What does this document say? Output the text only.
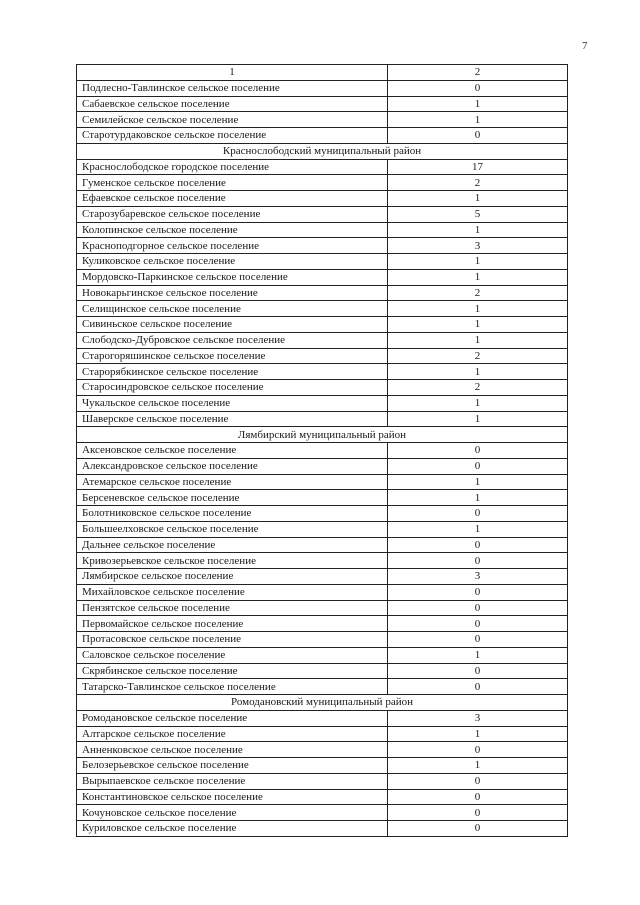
7
1	2
Подлесно-Тавлинское сельское поселение	0
Сабаевское сельское поселение	1
Семилейское сельское поселение	1
Старотурдаковское сельское поселение	0
Краснослободский муниципальный район	
Краснослободское городское поселение	17
Гуменское сельское поселение	2
Ефаевское сельское поселение	1
Старозубаревское сельское поселение	5
Колопинское сельское поселение	1
Красноподгорное сельское поселение	3
Куликовское сельское поселение	1
Мордовско-Паркинское сельское поселение	1
Новокарьгинское сельское поселение	2
Селищинское сельское поселение	1
Сивиньское сельское поселение	1
Слободско-Дубровское сельское поселение	1
Старогоряшинское сельское поселение	2
Старорябкинское сельское поселение	1
Старосиндровское сельское поселение	2
Чукальское сельское поселение	1
Шаверское сельское поселение	1
Лямбирский муниципальный район	
Аксеновское сельское поселение	0
Александровское сельское поселение	0
Атемарское сельское поселение	1
Берсеневское сельское поселение	1
Болотниковское сельское поселение	0
Большеелховское сельское поселение	1
Дальнее сельское поселение	0
Кривозерьевское сельское поселение	0
Лямбирское сельское поселение	3
Михайловское сельское поселение	0
Пензятское сельское поселение	0
Первомайское сельское поселение	0
Протасовское сельское поселение	0
Саловское сельское поселение	1
Скрябинское сельское поселение	0
Татарско-Тавлинское сельское поселение	0
Ромодановский муниципальный район	
Ромодановское сельское поселение	3
Алтарское сельское поселение	1
Анненковское сельское поселение	0
Белозерьевское сельское поселение	1
Вырыпаевское сельское поселение	0
Константиновское сельское поселение	0
Кочуновское сельское поселение	0
Куриловское сельское поселение	0
